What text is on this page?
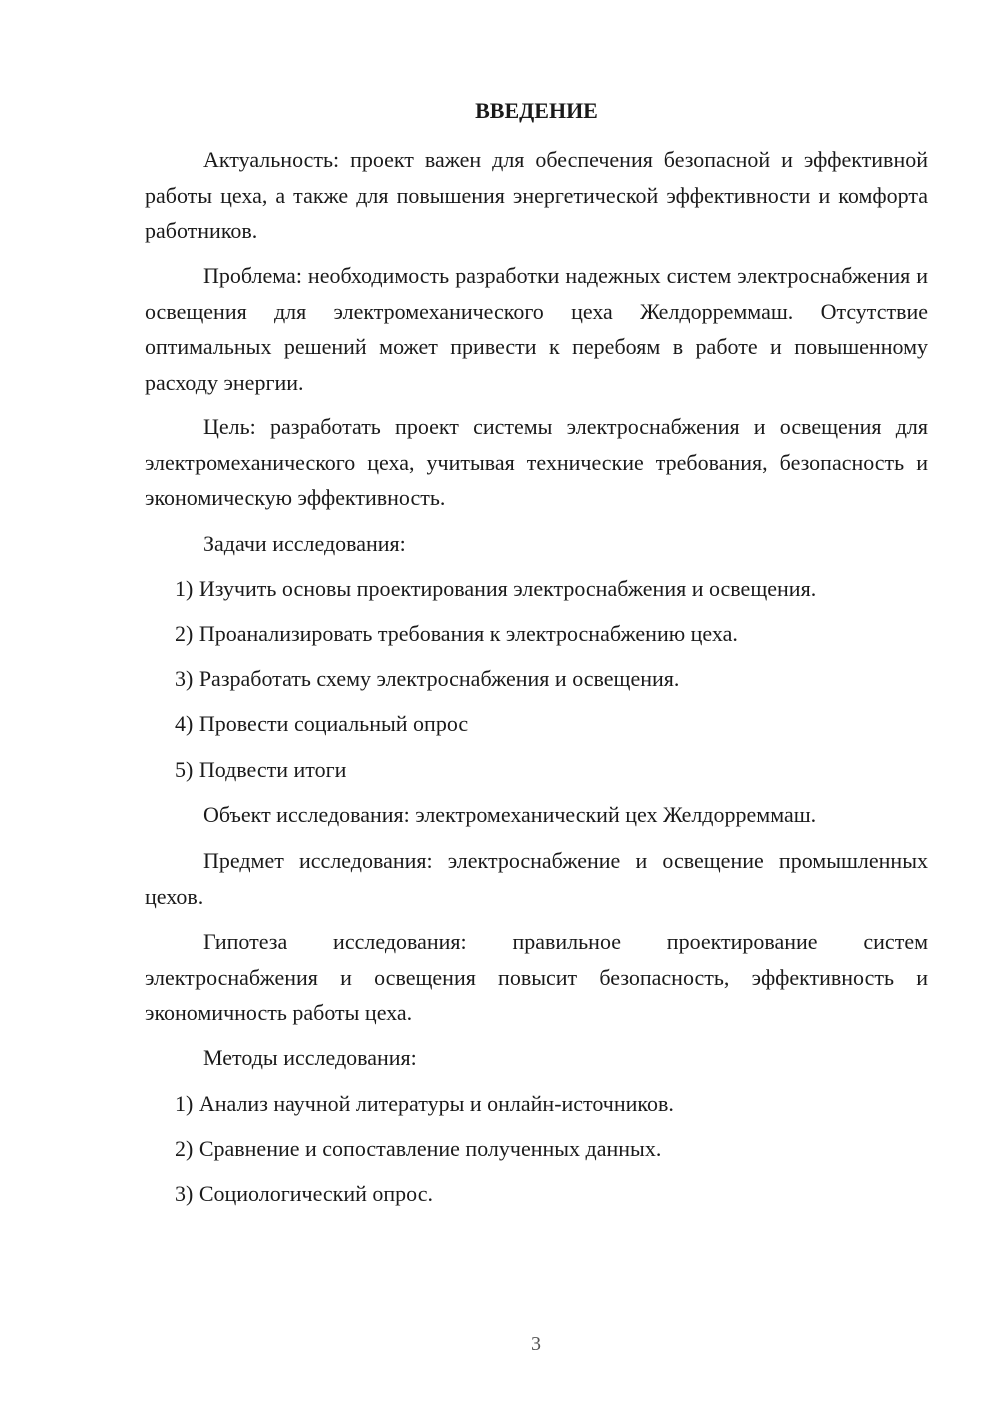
ВВЕДЕНИЕ

Актуальность: проект важен для обеспечения безопасной и эффективной работы цеха, а также для повышения энергетической эффективности и комфорта работников.

Проблема: необходимость разработки надежных систем электроснабжения и освещения для электромеханического цеха Желдорреммаш. Отсутствие оптимальных решений может привести к перебоям в работе и повышенному расходу энергии.

Цель: разработать проект системы электроснабжения и освещения для электромеханического цеха, учитывая технические требования, безопасность и экономическую эффективность.

Задачи исследования:

1) Изучить основы проектирования электроснабжения и освещения.

2) Проанализировать требования к электроснабжению цеха.

3) Разработать схему электроснабжения и освещения.

4) Провести социальный опрос

5) Подвести итоги

Объект исследования: электромеханический цех Желдорреммаш.

Предмет исследования: электроснабжение и освещение промышленных цехов.

Гипотеза исследования: правильное проектирование систем электроснабжения и освещения повысит безопасность, эффективность и экономичность работы цеха.

Методы исследования:

1) Анализ научной литературы и онлайн-источников.

2) Сравнение и сопоставление полученных данных.

3) Социологический опрос.

3
